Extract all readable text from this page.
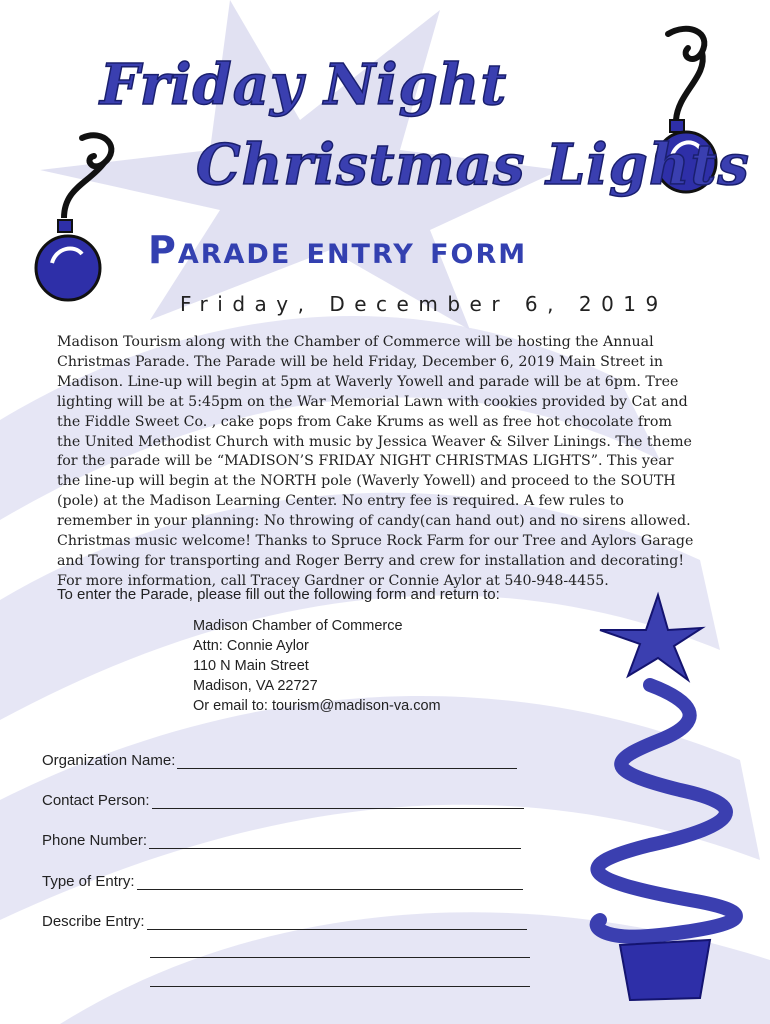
Friday Night
Christmas Lights
Parade entry form
Friday, December 6, 2019

Madison Tourism along with the Chamber of Commerce will be hosting the Annual Christmas Parade. The Parade will be held Friday, December 6, 2019 Main Street in Madison. Line-up will begin at 5pm at Waverly Yowell and parade will be at 6pm. Tree lighting will be at 5:45pm on the War Memorial Lawn with cookies provided by Cat and the Fiddle Sweet Co. , cake pops from Cake Krums as well as free hot chocolate from the United Methodist Church with music by Jessica Weaver & Silver Linings. The theme for the parade will be “MADISON’S FRIDAY NIGHT CHRISTMAS LIGHTS”. This year the line-up will begin at the NORTH pole (Waverly Yowell) and proceed to the SOUTH (pole) at the Madison Learning Center. No entry fee is required. A few rules to remember in your planning: No throwing of candy(can hand out) and no sirens allowed. Christmas music welcome! Thanks to Spruce Rock Farm for our Tree and Aylors Garage and Towing for transporting and Roger Berry and crew for installation and decorating! For more information, call Tracey Gardner or Connie Aylor at 540-948-4455.

To enter the Parade, please fill out the following form and return to:
Madison Chamber of Commerce
Attn: Connie Aylor
110 N Main Street
Madison, VA 22727
Or email to: tourism@madison-va.com
Organization Name:
Contact Person:
Phone Number:
Type of Entry:
Describe Entry:
